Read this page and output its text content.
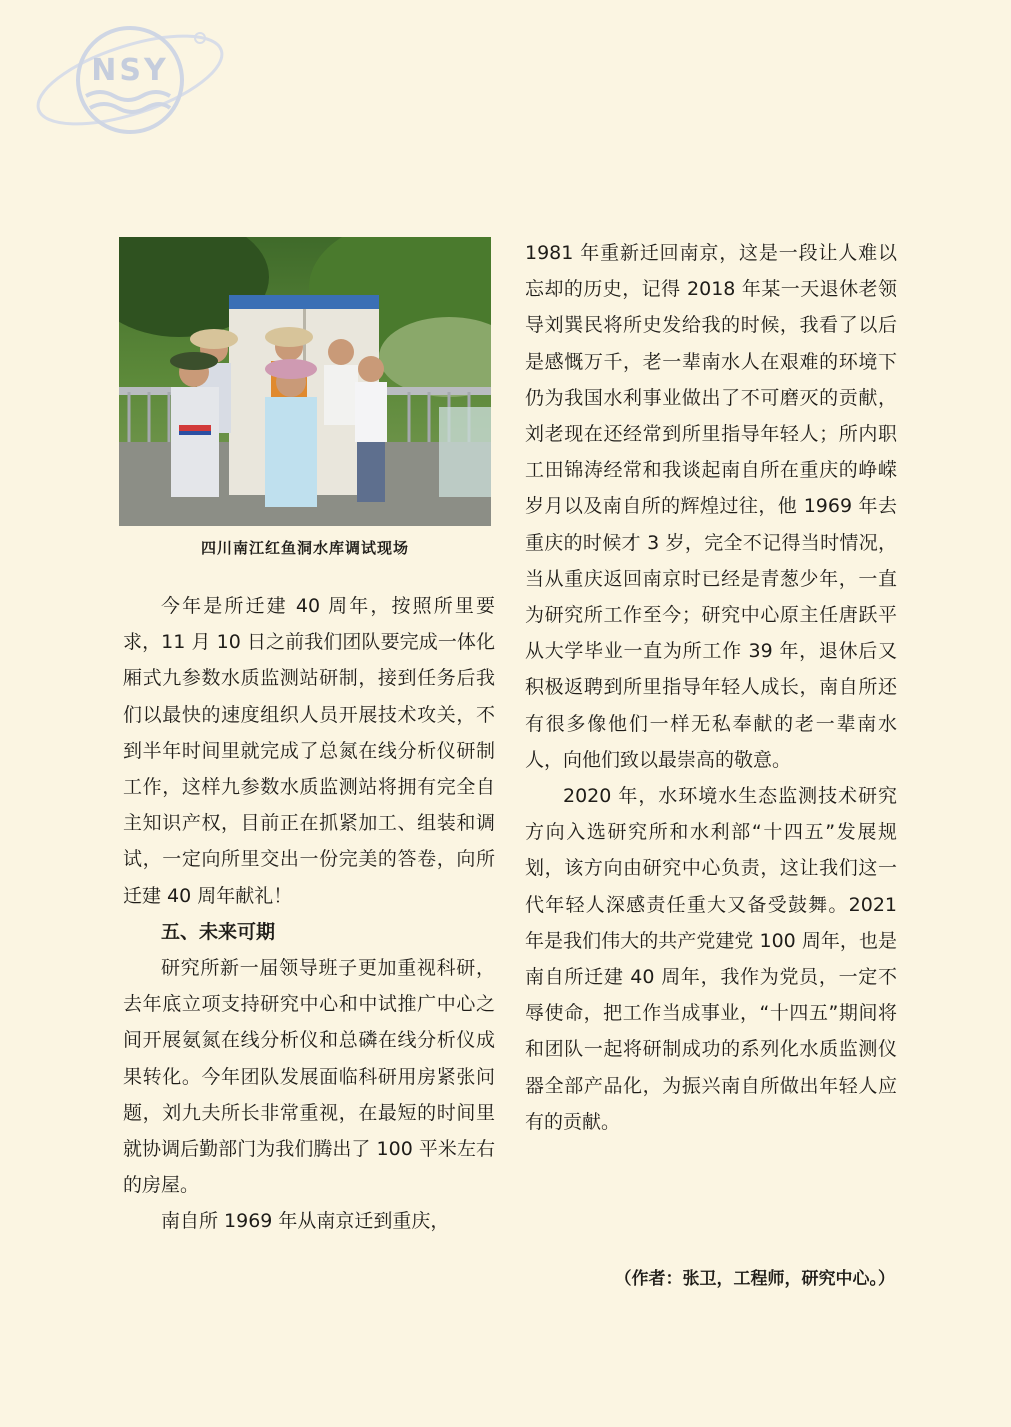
NSY
四川南江红鱼洞水库调试现场

今年是所迁建 40 周年，按照所里要求，11 月 10 日之前我们团队要完成一体化厢式九参数水质监测站研制，接到任务后我们以最快的速度组织人员开展技术攻关，不到半年时间里就完成了总氮在线分析仪研制工作，这样九参数水质监测站将拥有完全自主知识产权，目前正在抓紧加工、组装和调试，一定向所里交出一份完美的答卷，向所迁建 40 周年献礼！

五、未来可期

研究所新一届领导班子更加重视科研，去年底立项支持研究中心和中试推广中心之间开展氨氮在线分析仪和总磷在线分析仪成果转化。今年团队发展面临科研用房紧张问题，刘九夫所长非常重视，在最短的时间里就协调后勤部门为我们腾出了 100 平米左右的房屋。

南自所 1969 年从南京迁到重庆，

1981 年重新迁回南京，这是一段让人难以忘却的历史，记得 2018 年某一天退休老领导刘巽民将所史发给我的时候，我看了以后是感慨万千，老一辈南水人在艰难的环境下仍为我国水利事业做出了不可磨灭的贡献，刘老现在还经常到所里指导年轻人；所内职工田锦涛经常和我谈起南自所在重庆的峥嵘岁月以及南自所的辉煌过往，他 1969 年去重庆的时候才 3 岁，完全不记得当时情况，当从重庆返回南京时已经是青葱少年，一直为研究所工作至今；研究中心原主任唐跃平从大学毕业一直为所工作 39 年，退休后又积极返聘到所里指导年轻人成长，南自所还有很多像他们一样无私奉献的老一辈南水人，向他们致以最崇高的敬意。

2020 年，水环境水生态监测技术研究方向入选研究所和水利部“十四五”发展规划，该方向由研究中心负责，这让我们这一代年轻人深感责任重大又备受鼓舞。2021 年是我们伟大的共产党建党 100 周年，也是南自所迁建 40 周年，我作为党员，一定不辱使命，把工作当成事业，“十四五”期间将和团队一起将研制成功的系列化水质监测仪器全部产品化，为振兴南自所做出年轻人应有的贡献。

（作者：张卫，工程师，研究中心。）
